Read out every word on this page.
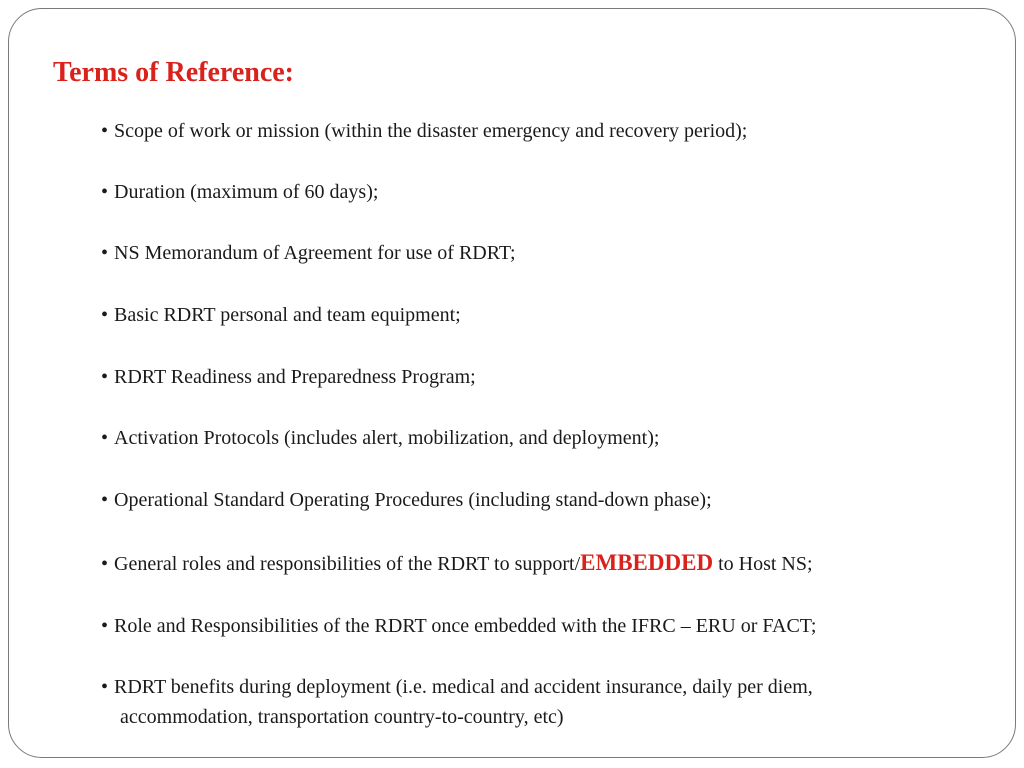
Terms of Reference:
• Scope of work or mission (within the disaster emergency and recovery period);
• Duration (maximum of 60 days);
• NS Memorandum of Agreement for use of RDRT;
• Basic RDRT personal and team equipment;
• RDRT Readiness and Preparedness Program;
• Activation Protocols (includes alert, mobilization, and deployment);
• Operational Standard Operating Procedures (including stand-down phase);
• General roles and responsibilities of the RDRT to support/EMBEDDED to Host NS;
• Role and Responsibilities of the RDRT once embedded with the IFRC – ERU or FACT;
• RDRT benefits during deployment (i.e. medical and accident insurance, daily per diem,
accommodation, transportation country-to-country, etc)
